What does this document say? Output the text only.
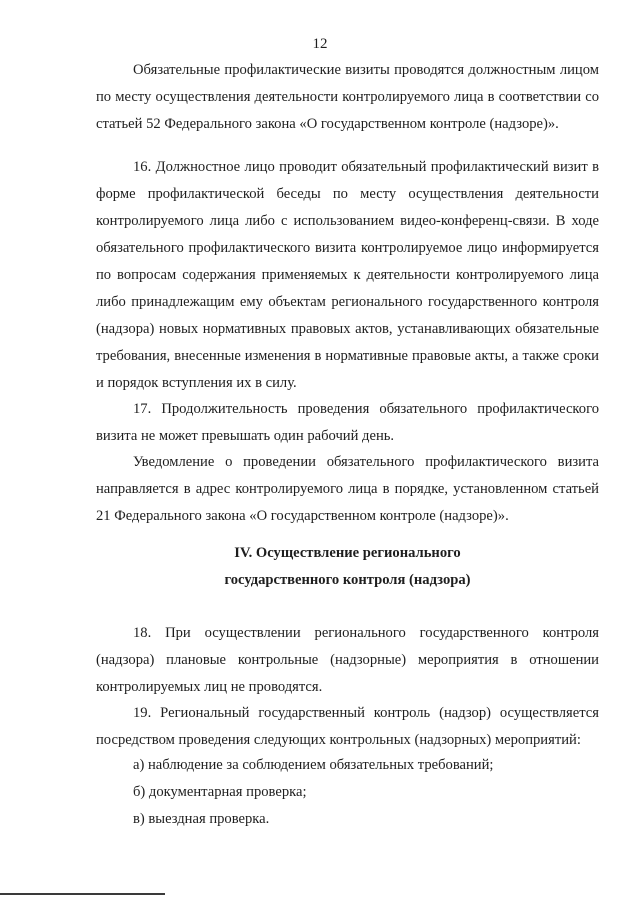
12

Обязательные профилактические визиты проводятся должностным лицом по месту осуществления деятельности контролируемого лица в соответствии со статьей 52 Федерального закона «О государственном контроле (надзоре)».

16. Должностное лицо проводит обязательный профилактический визит в форме профилактической беседы по месту осуществления деятельности контролируемого лица либо с использованием видео-конференц-связи. В ходе обязательного профилактического визита контролируемое лицо информируется по вопросам содержания применяемых к деятельности контролируемого лица либо принадлежащим ему объектам регионального государственного контроля (надзора) новых нормативных правовых актов, устанавливающих обязательные требования, внесенные изменения в нормативные правовые акты, а также сроки и порядок вступления их в силу.

17. Продолжительность проведения обязательного профилактического визита не может превышать один рабочий день.

Уведомление о проведении обязательного профилактического визита направляется в адрес контролируемого лица в порядке, установленном статьей 21 Федерального закона «О государственном контроле (надзоре)».

IV. Осуществление регионального
государственного контроля (надзора)

18. При осуществлении регионального государственного контроля (надзора) плановые контрольные (надзорные) мероприятия в отношении контролируемых лиц не проводятся.

19. Региональный государственный контроль (надзор) осуществляется посредством проведения следующих контрольных (надзорных) мероприятий:

а) наблюдение за соблюдением обязательных требований;

б) документарная проверка;

в) выездная проверка.
